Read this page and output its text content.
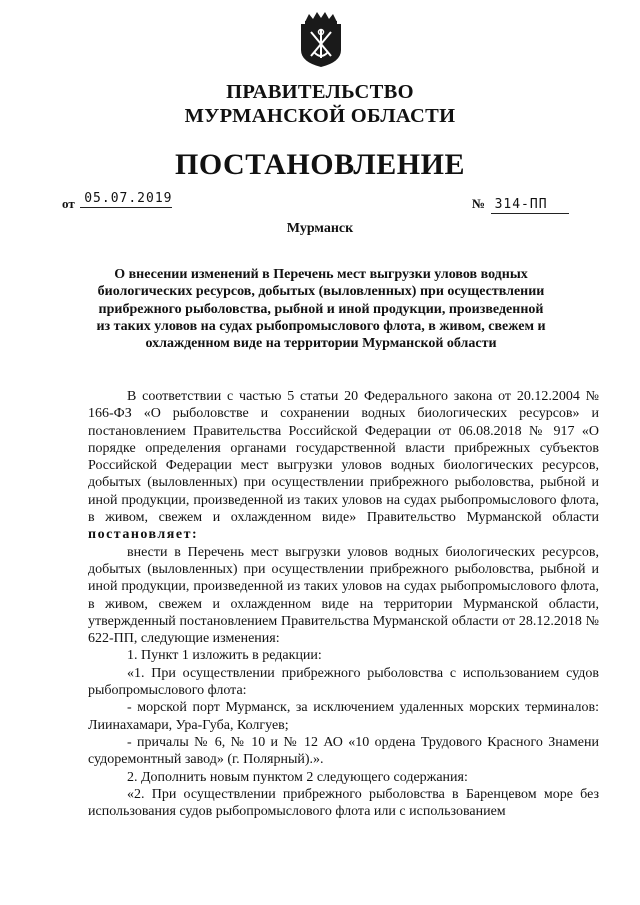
ПРАВИТЕЛЬСТВО
МУРМАНСКОЙ ОБЛАСТИ
ПОСТАНОВЛЕНИЕ
от 05.07.2019	№ 314-ПП
Мурманск
О внесении изменений в Перечень мест выгрузки уловов водных биологических ресурсов, добытых (выловленных) при осуществлении прибрежного рыболовства, рыбной и иной продукции, произведенной из таких уловов на судах рыбопромыслового флота, в живом, свежем и охлажденном виде на территории Мурманской области

В соответствии с частью 5 статьи 20 Федерального закона от 20.12.2004 № 166-ФЗ «О рыболовстве и сохранении водных биологических ресурсов» и постановлением Правительства Российской Федерации от 06.08.2018 № 917 «О порядке определения органами государственной власти прибрежных субъектов Российской Федерации мест выгрузки уловов водных биологических ресурсов, добытых (выловленных) при осуществлении прибрежного рыболовства, рыбной и иной продукции, произведенной из таких уловов на судах рыбопромыслового флота, в живом, свежем и охлажденном виде» Правительство Мурманской области постановляет:

внести в Перечень мест выгрузки уловов водных биологических ресурсов, добытых (выловленных) при осуществлении прибрежного рыболовства, рыбной и иной продукции, произведенной из таких уловов на судах рыбопромыслового флота, в живом, свежем и охлажденном виде на территории Мурманской области, утвержденный постановлением Правительства Мурманской области от 28.12.2018 № 622-ПП, следующие изменения:

1. Пункт 1 изложить в редакции:

«1. При осуществлении прибрежного рыболовства с использованием судов рыбопромыслового флота:

- морской порт Мурманск, за исключением удаленных морских терминалов: Лиинахамари, Ура-Губа, Колгуев;

- причалы № 6, № 10 и № 12 АО «10 ордена Трудового Красного Знамени судоремонтный завод» (г. Полярный).».

2. Дополнить новым пунктом 2 следующего содержания:

«2. При осуществлении прибрежного рыболовства в Баренцевом море без использования судов рыбопромыслового флота или с использованием
